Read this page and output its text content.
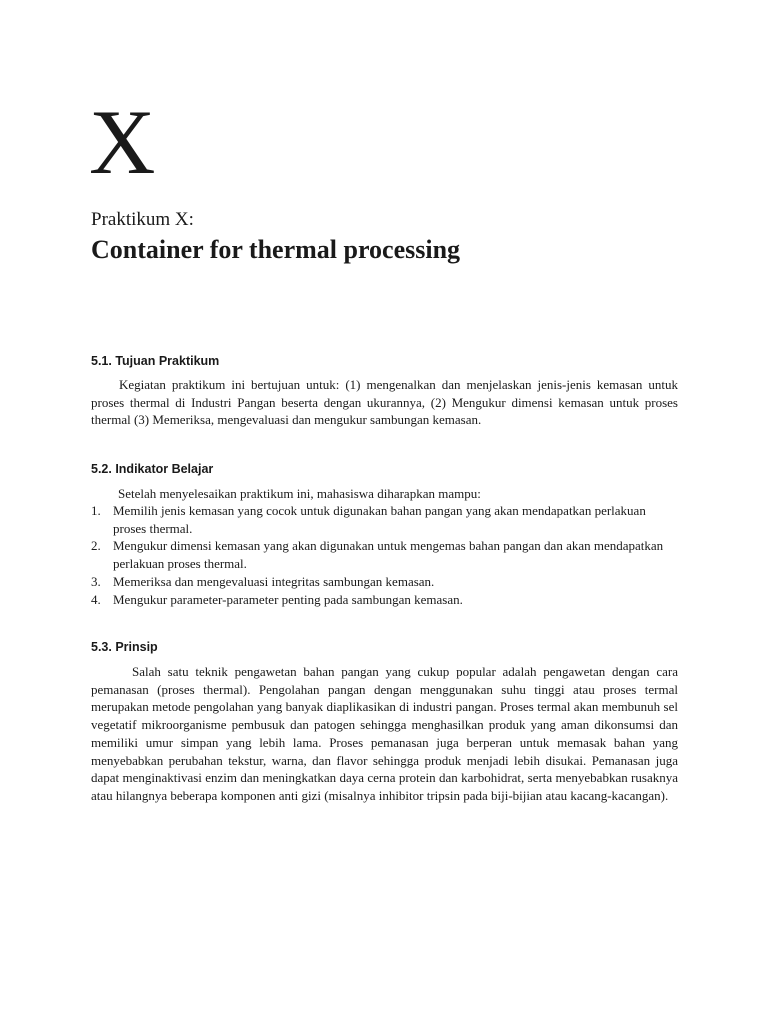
X
Praktikum X:
Container for thermal processing
5.1. Tujuan Praktikum

Kegiatan praktikum ini bertujuan untuk: (1) mengenalkan dan menjelaskan jenis-jenis kemasan untuk proses thermal di Industri Pangan beserta dengan ukurannya, (2) Mengukur dimensi kemasan untuk proses thermal (3) Memeriksa, mengevaluasi dan mengukur sambungan kemasan.

5.2. Indikator Belajar

Setelah menyelesaikan praktikum ini, mahasiswa diharapkan mampu:

1. Memilih jenis kemasan yang cocok untuk digunakan bahan pangan yang akan mendapatkan perlakuan proses thermal.
2. Mengukur dimensi kemasan yang akan digunakan untuk mengemas bahan pangan dan akan mendapatkan perlakuan proses thermal.
3. Memeriksa dan mengevaluasi integritas sambungan kemasan.
4. Mengukur parameter-parameter penting pada sambungan kemasan.
5.3. Prinsip

Salah satu teknik pengawetan bahan pangan yang cukup popular adalah pengawetan dengan cara pemanasan (proses thermal). Pengolahan pangan dengan menggunakan suhu tinggi atau proses termal merupakan metode pengolahan yang banyak diaplikasikan di industri pangan. Proses termal akan membunuh sel vegetatif mikroorganisme pembusuk dan patogen sehingga menghasilkan produk yang aman dikonsumsi dan memiliki umur simpan yang lebih lama. Proses pemanasan juga berperan untuk memasak bahan yang menyebabkan perubahan tekstur, warna, dan flavor sehingga produk menjadi lebih disukai. Pemanasan juga dapat menginaktivasi enzim dan meningkatkan daya cerna protein dan karbohidrat, serta menyebabkan rusaknya atau hilangnya beberapa komponen anti gizi (misalnya inhibitor tripsin pada biji-bijian atau kacang-kacangan).
